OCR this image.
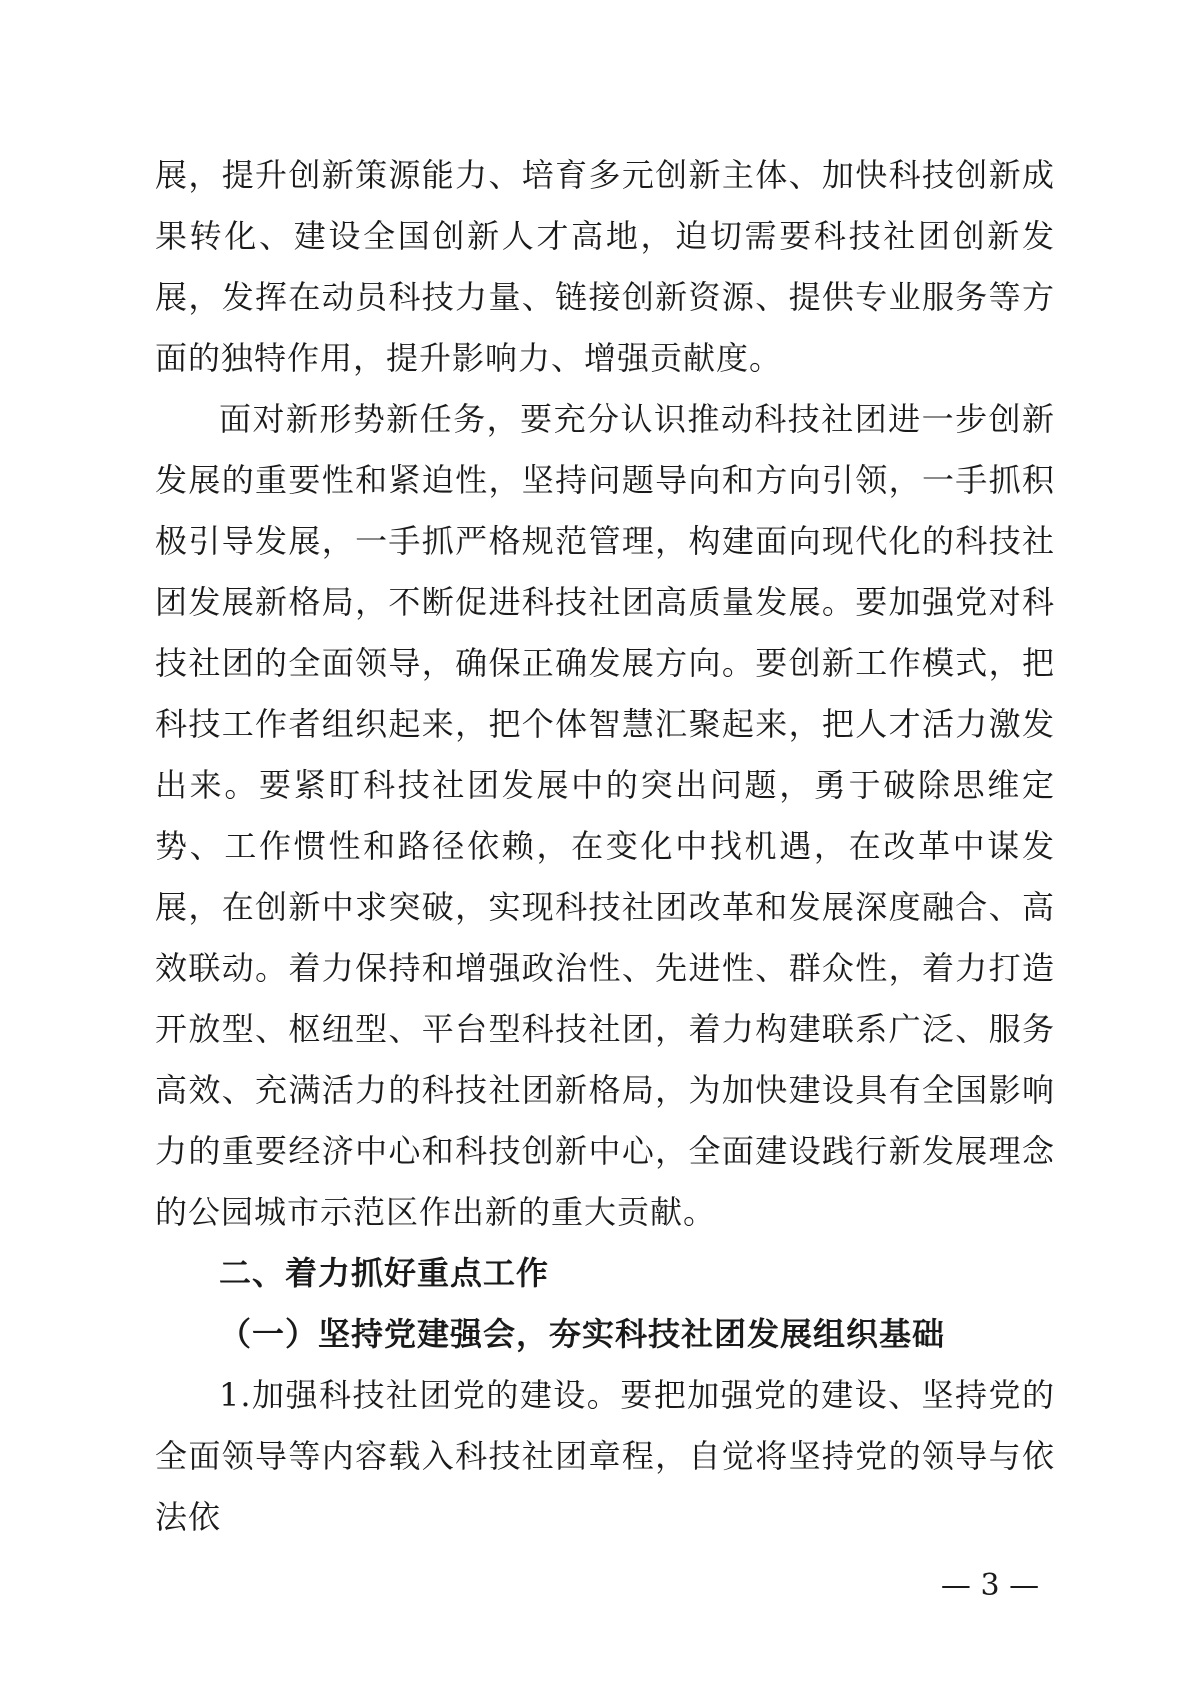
展，提升创新策源能力、培育多元创新主体、加快科技创新成果转化、建设全国创新人才高地，迫切需要科技社团创新发展，发挥在动员科技力量、链接创新资源、提供专业服务等方面的独特作用，提升影响力、增强贡献度。

面对新形势新任务，要充分认识推动科技社团进一步创新发展的重要性和紧迫性，坚持问题导向和方向引领，一手抓积极引导发展，一手抓严格规范管理，构建面向现代化的科技社团发展新格局，不断促进科技社团高质量发展。要加强党对科技社团的全面领导，确保正确发展方向。要创新工作模式，把科技工作者组织起来，把个体智慧汇聚起来，把人才活力激发出来。要紧盯科技社团发展中的突出问题，勇于破除思维定势、工作惯性和路径依赖，在变化中找机遇，在改革中谋发展，在创新中求突破，实现科技社团改革和发展深度融合、高效联动。着力保持和增强政治性、先进性、群众性，着力打造开放型、枢纽型、平台型科技社团，着力构建联系广泛、服务高效、充满活力的科技社团新格局，为加快建设具有全国影响力的重要经济中心和科技创新中心，全面建设践行新发展理念的公园城市示范区作出新的重大贡献。

二、着力抓好重点工作

（一）坚持党建强会，夯实科技社团发展组织基础

1.加强科技社团党的建设。要把加强党的建设、坚持党的全面领导等内容载入科技社团章程，自觉将坚持党的领导与依法依

— 3 —
